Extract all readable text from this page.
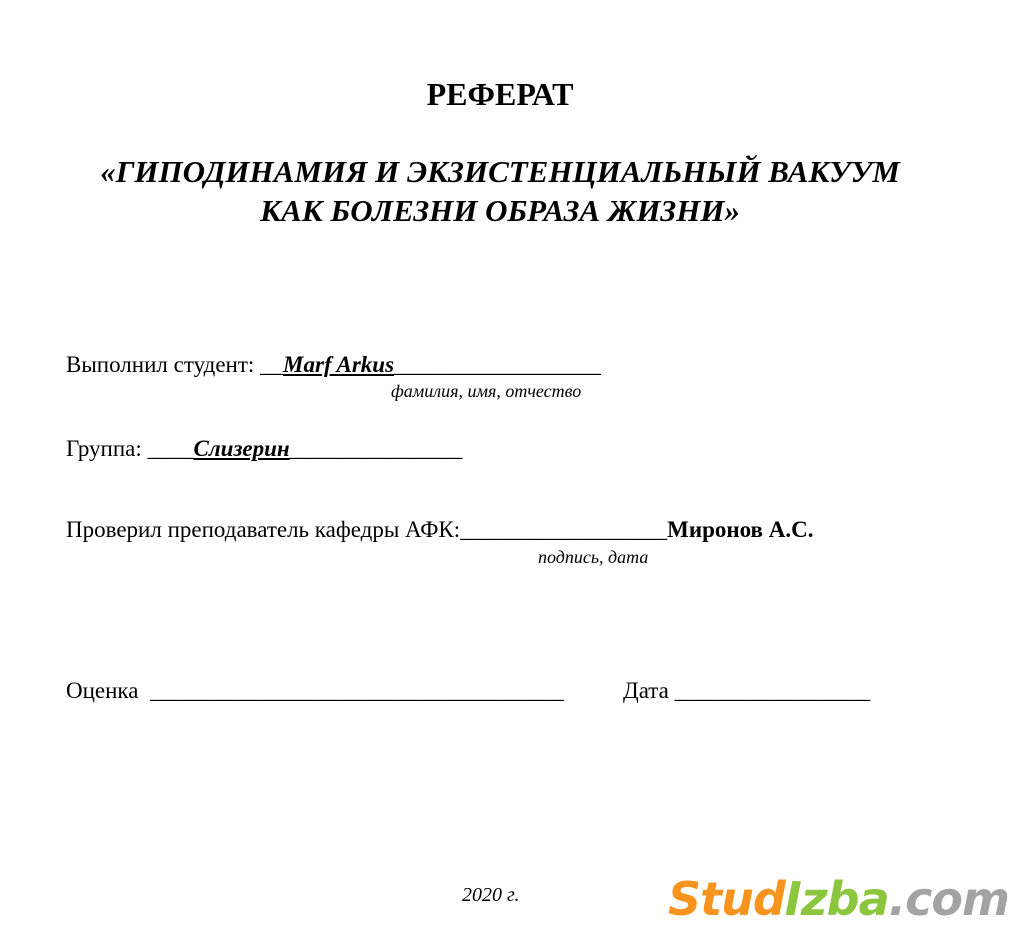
РЕФЕРАТ
«ГИПОДИНАМИЯ И ЭКЗИСТЕНЦИАЛЬНЫЙ ВАКУУМ
КАК БОЛЕЗНИ ОБРАЗА ЖИЗНИ»
Выполнил студент: __Marf Arkus__________________
фамилия, имя, отчество
Группа: ____Слизерин_______________
Проверил преподаватель кафедры АФК:__________________Миронов А.С.
подпись, дата
Оценка ____________________________________	Дата _________________
2020 г.	StudIzba.com
